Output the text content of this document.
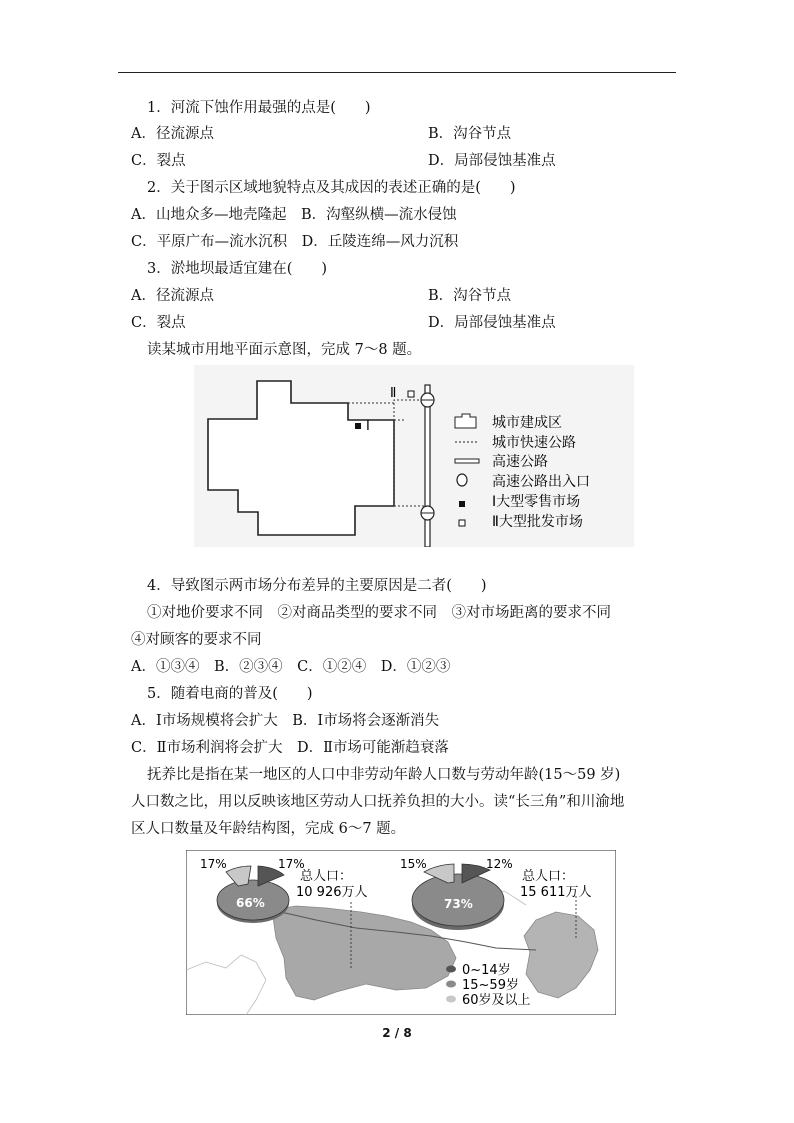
1．河流下蚀作用最强的点是(　　)
A．径流源点	B．沟谷节点
C．裂点	D．局部侵蚀基准点
2．关于图示区域地貌特点及其成因的表述正确的是(　　)
A．山地众多—地壳隆起　B．沟壑纵横—流水侵蚀
C．平原广布—流水沉积　D．丘陵连绵—风力沉积
3．淤地坝最适宜建在(　　)
A．径流源点	B．沟谷节点
C．裂点	D．局部侵蚀基准点
读某城市用地平面示意图，完成 7～8 题。
Ⅰ
Ⅱ
城市建成区
城市快速公路
高速公路
高速公路出入口
Ⅰ大型零售市场
Ⅱ大型批发市场
4．导致图示两市场分布差异的主要原因是二者(　　)
①对地价要求不同　②对商品类型的要求不同　③对市场距离的要求不同
④对顾客的要求不同
A．①③④　B．②③④　C．①②④　D．①②③
5．随着电商的普及(　　)
A．Ⅰ市场规模将会扩大　B．Ⅰ市场将会逐渐消失
C．Ⅱ市场利润将会扩大　D．Ⅱ市场可能渐趋衰落
抚养比是指在某一地区的人口中非劳动年龄人口数与劳动年龄(15～59 岁)
人口数之比，用以反映该地区劳动人口抚养负担的大小。读“长三角”和川渝地
区人口数量及年龄结构图，完成 6～7 题。
66%
17%	17%
总人口：
10 926万人
73%
15%	12%
总人口：
15 611万人
0~14岁
15~59岁
60岁及以上
2 / 8
